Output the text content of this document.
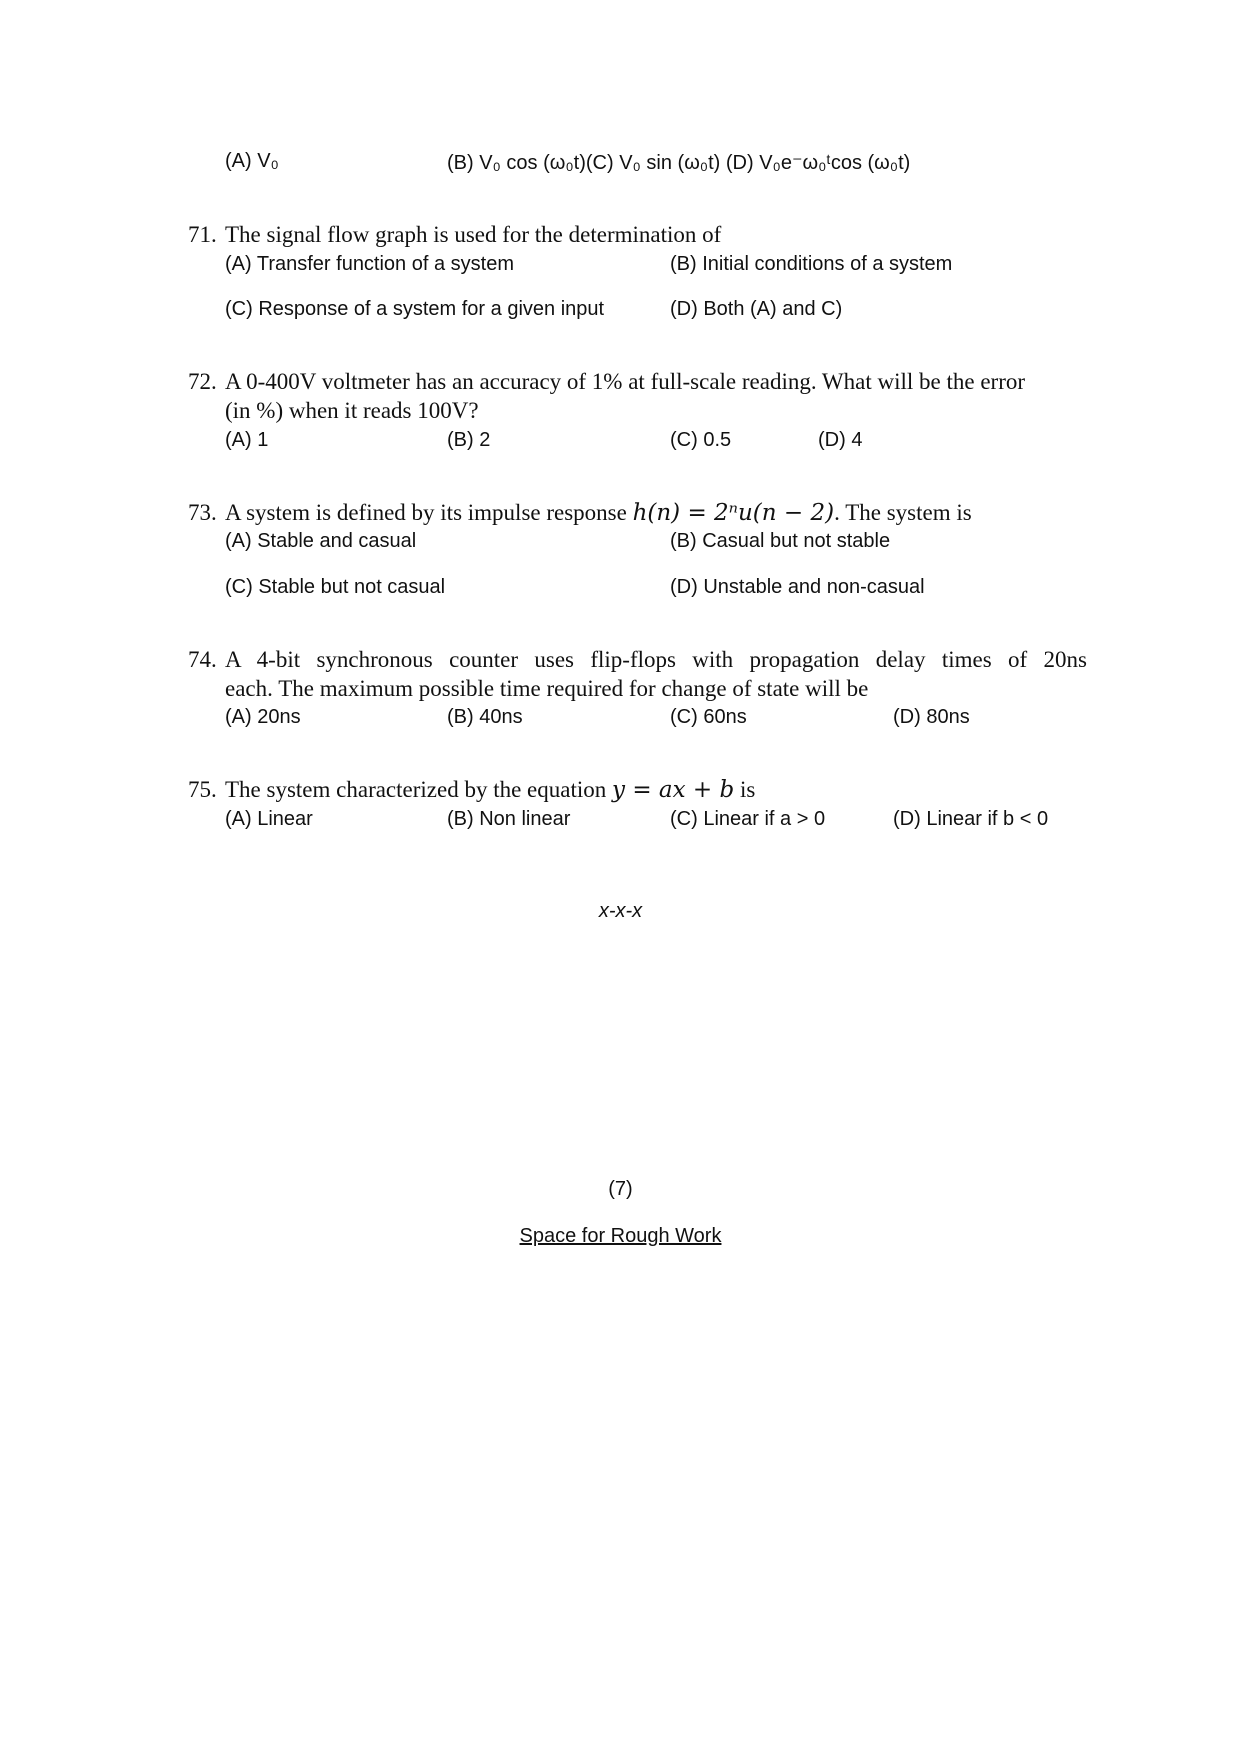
(A) V₀	(B) V₀ cos (ω₀t)(C) V₀ sin (ω₀t) (D) V₀e⁻ω₀ᵗcos (ω₀t)
71. The signal flow graph is used for the determination of
(A) Transfer function of a system	(B) Initial conditions of a system
(C) Response of a system for a given input	(D) Both (A) and C)
72. A 0-400V voltmeter has an accuracy of 1% at full-scale reading. What will be the error
(in %) when it reads 100V?
(A) 1	(B) 2	(C) 0.5	(D) 4
73. A system is defined by its impulse response h(n) = 2ⁿu(n − 2). The system is
(A) Stable and casual	(B) Casual but not stable
(C) Stable but not casual	(D) Unstable and non-casual
74. A 4-bit synchronous counter uses flip-flops with propagation delay times of 20ns
each. The maximum possible time required for change of state will be
(A) 20ns	(B) 40ns	(C) 60ns	(D) 80ns
75. The system characterized by the equation y = ax + b is
(A) Linear	(B) Non linear	(C) Linear if a > 0	(D) Linear if b < 0
x-x-x
(7)
Space for Rough Work
